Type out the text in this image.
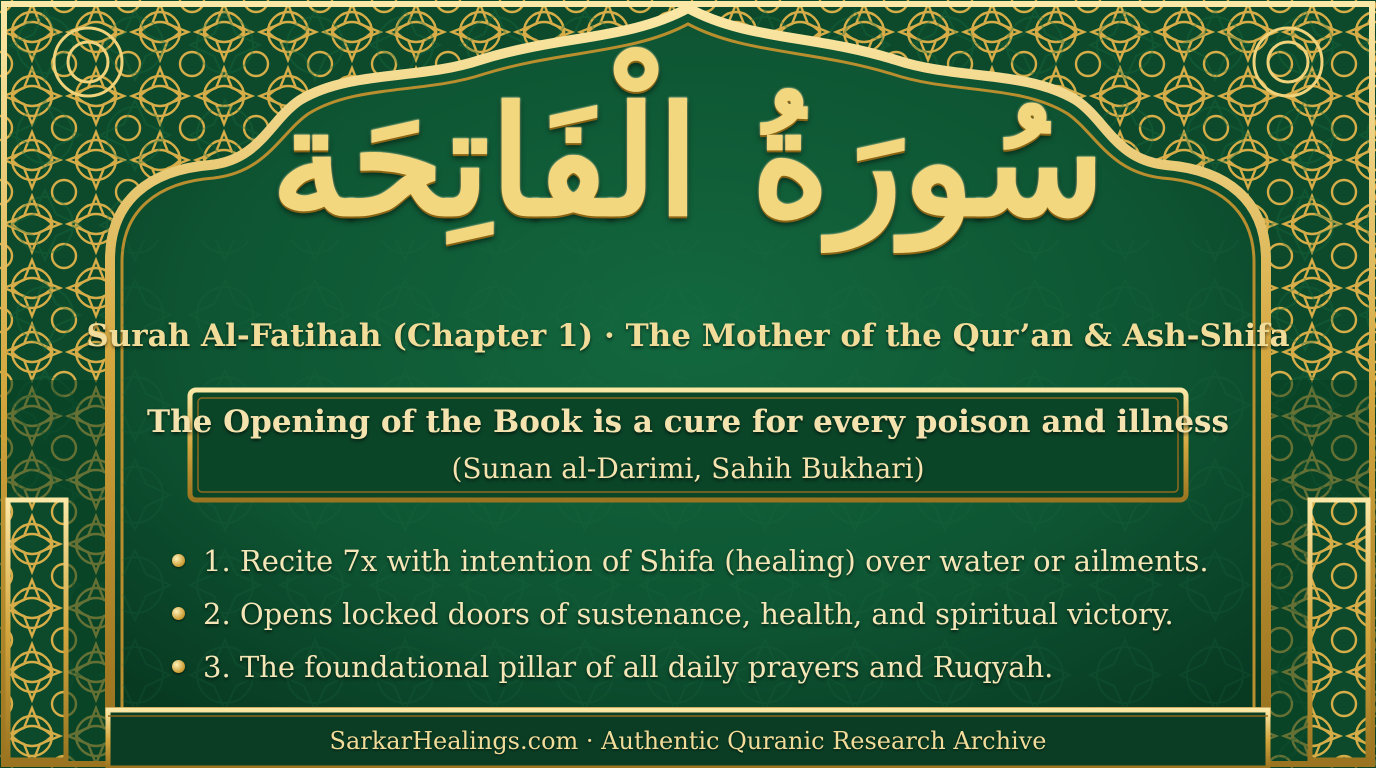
سُورَةُ الْفَاتِحَة
Surah Al-Fatihah (Chapter 1) · The Mother of the Qur’an & Ash-Shifa
The Opening of the Book is a cure for every poison and illness
(Sunan al-Darimi, Sahih Bukhari)
1. Recite 7x with intention of Shifa (healing) over water or ailments.
2. Opens locked doors of sustenance, health, and spiritual victory.
3. The foundational pillar of all daily prayers and Ruqyah.
SarkarHealings.com · Authentic Quranic Research Archive
